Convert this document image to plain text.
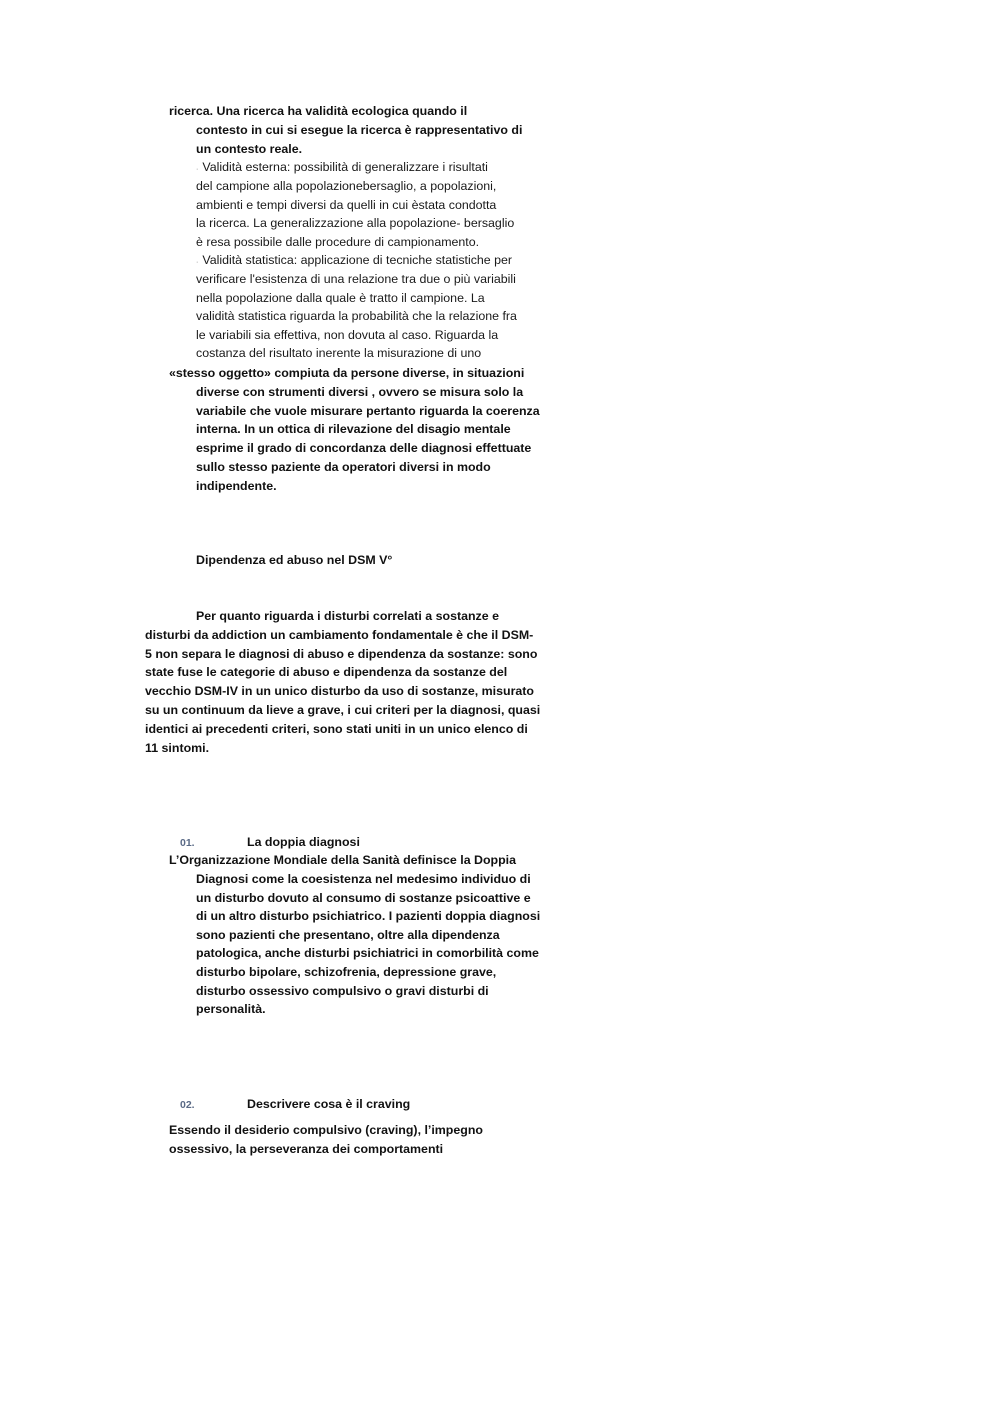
ricerca. Una ricerca ha validità ecologica quando il
contesto in cui si esegue la ricerca è rappresentativo di
un contesto reale.
· Validità esterna: possibilità di generalizzare i risultati
del campione alla popolazionebersaglio, a popolazioni,
ambienti e tempi diversi da quelli in cui èstata condotta
la ricerca. La generalizzazione alla popolazione- bersaglio
è resa possibile dalle procedure di campionamento.
· Validità statistica: applicazione di tecniche statistiche per
verificare l'esistenza di una relazione tra due o più variabili
nella popolazione dalla quale è tratto il campione. La
validità statistica riguarda la probabilità che la relazione fra
le variabili sia effettiva, non dovuta al caso. Riguarda la
costanza del risultato inerente la misurazione di uno
«stesso oggetto» compiuta da persone diverse, in situazioni
diverse con strumenti diversi , ovvero se misura solo la
variabile che vuole misurare pertanto riguarda la coerenza
interna. In un ottica di rilevazione del disagio mentale
esprime il grado di concordanza delle diagnosi effettuate
sullo stesso paziente da operatori diversi in modo
indipendente.
Dipendenza ed abuso nel DSM V°
Per quanto riguarda i disturbi correlati a sostanze e
disturbi da addiction un cambiamento fondamentale è che il DSM-
5 non separa le diagnosi di abuso e dipendenza da sostanze: sono
state fuse le categorie di abuso e dipendenza da sostanze del
vecchio DSM-IV in un unico disturbo da uso di sostanze, misurato
su un continuum da lieve a grave, i cui criteri per la diagnosi, quasi
identici ai precedenti criteri, sono stati uniti in un unico elenco di
11 sintomi.
01.	La doppia diagnosi
L’Organizzazione Mondiale della Sanità definisce la Doppia
Diagnosi come la coesistenza nel medesimo individuo di
un disturbo dovuto al consumo di sostanze psicoattive e
di un altro disturbo psichiatrico. I pazienti doppia diagnosi
sono pazienti che presentano, oltre alla dipendenza
patologica, anche disturbi psichiatrici in comorbilità come
disturbo bipolare, schizofrenia, depressione grave,
disturbo ossessivo compulsivo o gravi disturbi di
personalità.
02.	Descrivere cosa è il craving
Essendo il desiderio compulsivo (craving), l’impegno
ossessivo, la perseveranza dei comportamenti
